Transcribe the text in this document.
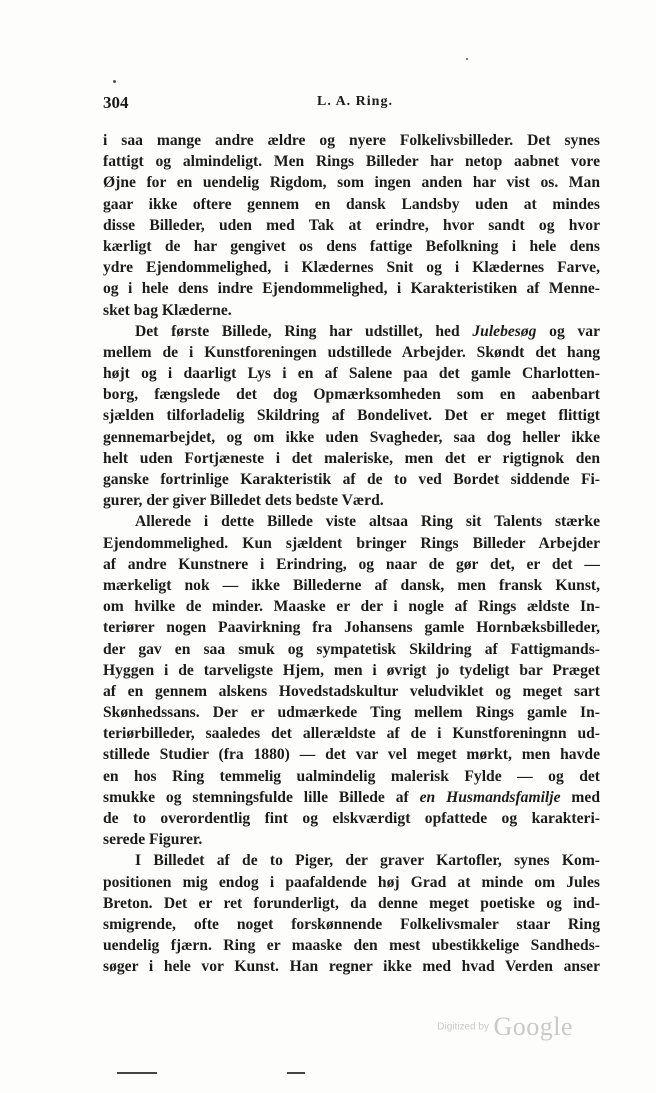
304	L. A. Ring.
i saa mange andre ældre og nyere Folkelivsbilleder. Det synes
fattigt og almindeligt. Men Rings Billeder har netop aabnet vore
Øjne for en uendelig Rigdom, som ingen anden har vist os. Man
gaar ikke oftere gennem en dansk Landsby uden at mindes
disse Billeder, uden med Tak at erindre, hvor sandt og hvor
kærligt de har gengivet os dens fattige Befolkning i hele dens
ydre Ejendommelighed, i Klædernes Snit og i Klædernes Farve,
og i hele dens indre Ejendommelighed, i Karakteristiken af Menne-
sket bag Klæderne.
Det første Billede, Ring har udstillet, hed Julebesøg og var
mellem de i Kunstforeningen udstillede Arbejder. Skøndt det hang
højt og i daarligt Lys i en af Salene paa det gamle Charlotten-
borg, fængslede det dog Opmærksomheden som en aabenbart
sjælden tilforladelig Skildring af Bondelivet. Det er meget flittigt
gennemarbejdet, og om ikke uden Svagheder, saa dog heller ikke
helt uden Fortjæneste i det maleriske, men det er rigtignok den
ganske fortrinlige Karakteristik af de to ved Bordet siddende Fi-
gurer, der giver Billedet dets bedste Værd.
Allerede i dette Billede viste altsaa Ring sit Talents stærke
Ejendommelighed. Kun sjældent bringer Rings Billeder Arbejder
af andre Kunstnere i Erindring, og naar de gør det, er det —
mærkeligt nok — ikke Billederne af dansk, men fransk Kunst,
om hvilke de minder. Maaske er der i nogle af Rings ældste In-
teriører nogen Paavirkning fra Johansens gamle Hornbæksbilleder,
der gav en saa smuk og sympatetisk Skildring af Fattigmands-
Hyggen i de tarveligste Hjem, men i øvrigt jo tydeligt bar Præget
af en gennem alskens Hovedstadskultur veludviklet og meget sart
Skønhedssans. Der er udmærkede Ting mellem Rings gamle In-
teriørbilleder, saaledes det allerældste af de i Kunstforeningnn ud-
stillede Studier (fra 1880) — det var vel meget mørkt, men havde
en hos Ring temmelig ualmindelig malerisk Fylde — og det
smukke og stemningsfulde lille Billede af en Husmandsfamilje med
de to overordentlig fint og elskværdigt opfattede og karakteri-
serede Figurer.
I Billedet af de to Piger, der graver Kartofler, synes Kom-
positionen mig endog i paafaldende høj Grad at minde om Jules
Breton. Det er ret forunderligt, da denne meget poetiske og ind-
smigrende, ofte noget forskønnende Folkelivsmaler staar Ring
uendelig fjærn. Ring er maaske den mest ubestikkelige Sandheds-
søger i hele vor Kunst. Han regner ikke med hvad Verden anser
Digitized by Google
